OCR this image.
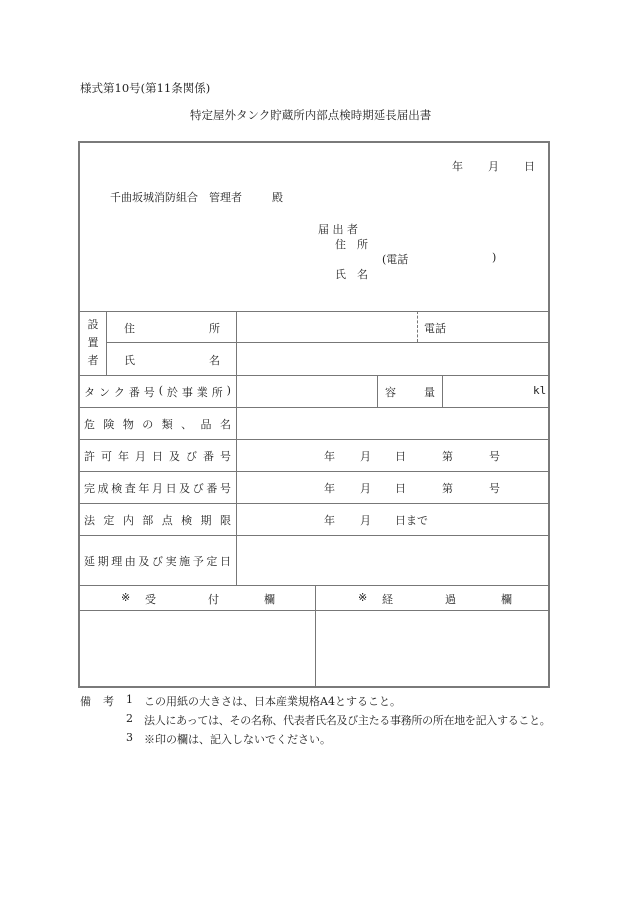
様式第10号(第11条関係)
特定屋外タンク貯蔵所内部点検時期延長届出書
年 月 日
千曲坂城消防組合　管理者	殿
届 出 者
住 所
(電話	)
氏 名
設
置
者
住	所	電話
氏	名
タ ン ク 番 号 ( 於 事 業 所 )	容	量	kl
危 険 物 の 類 、 品 名
許 可 年 月 日 及 び 番 号	年 月 日	第	号
完 成 検 査 年 月 日 及 び 番 号	年 月 日	第	号
法 定 内 部 点 検 期 限	年 月 日まで
延 期 理 由 及 び 実 施 予 定 日
※ 受	付	欄	※ 経	過	欄
備 考 1 この用紙の大きさは、日本産業規格A4とすること。
2 法人にあっては、その名称、代表者氏名及び主たる事務所の所在地を記入すること。
3 ※印の欄は、記入しないでください。
